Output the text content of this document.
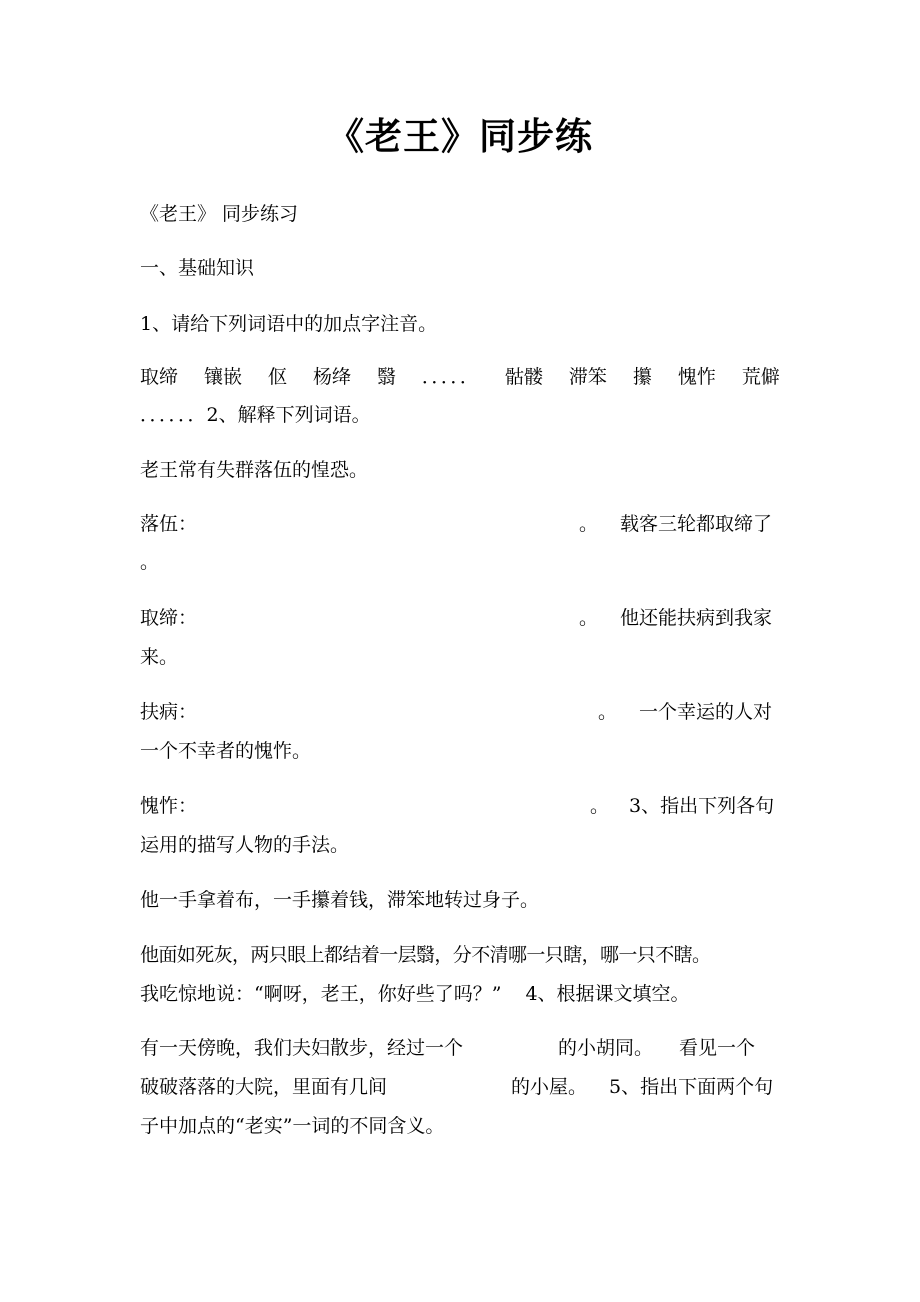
《老王》同步练
《老王》 同步练习
一、基础知识
1、请给下列词语中的加点字注音。
取缔 镶嵌 伛 杨绛 翳 ．．．．． 骷髅 滞笨 攥 愧怍 荒僻
．．．．．．2、解释下列词语。
老王常有失群落伍的惶恐。
落伍：	。 载客三轮都取缔了
。
取缔：	。 他还能扶病到我家
来。
扶病：	。 一个幸运的人对
一个不幸者的愧怍。
愧怍：	。 3、指出下列各句
运用的描写人物的手法。
他一手拿着布，一手攥着钱，滞笨地转过身子。
他面如死灰，两只眼上都结着一层翳，分不清哪一只瞎，哪一只不瞎。
我吃惊地说：“啊呀，老王，你好些了吗？” 4、根据课文填空。
有一天傍晚，我们夫妇散步，经过一个	的小胡同。 看见一个
破破落落的大院，里面有几间	的小屋。 5、指出下面两个句
子中加点的“老实”一词的不同含义。
